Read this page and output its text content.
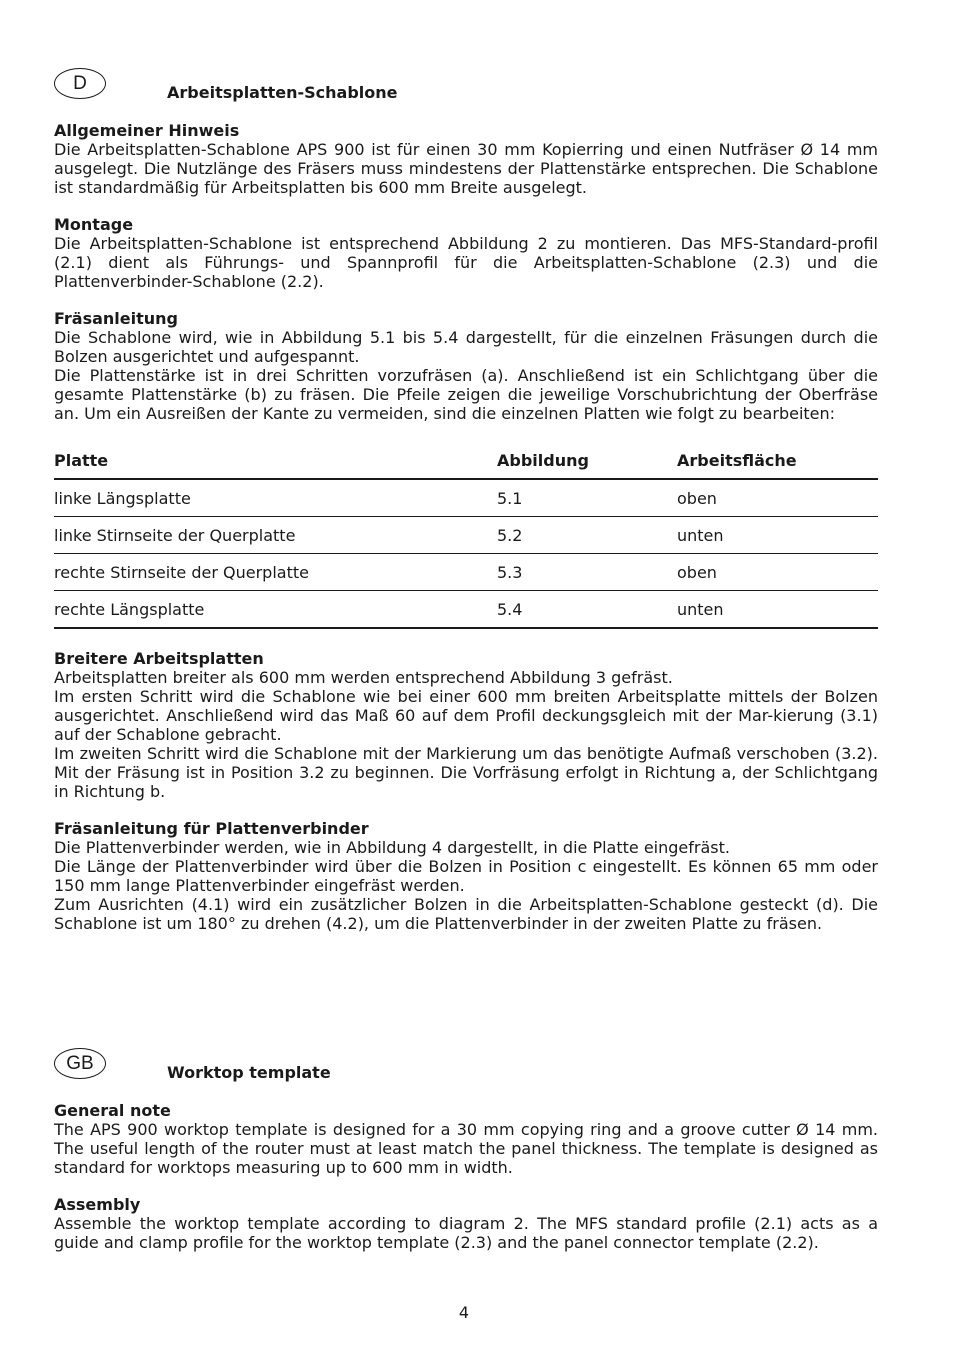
D	Arbeitsplatten-Schablone
Allgemeiner Hinweis
Die Arbeitsplatten-Schablone APS 900 ist für einen 30 mm Kopierring und einen Nutfräser Ø 14 mm ausgelegt. Die Nutzlänge des Fräsers muss mindestens der Plattenstärke entsprechen. Die Schablone ist standardmäßig für Arbeitsplatten bis 600 mm Breite ausgelegt.
Montage
Die Arbeitsplatten-Schablone ist entsprechend Abbildung 2 zu montieren. Das MFS-Standard-profil (2.1) dient als Führungs- und Spannprofil für die Arbeitsplatten-Schablone (2.3) und die Plattenverbinder-Schablone (2.2).
Fräsanleitung
Die Schablone wird, wie in Abbildung 5.1 bis 5.4 dargestellt, für die einzelnen Fräsungen durch die Bolzen ausgerichtet und aufgespannt.
Die Plattenstärke ist in drei Schritten vorzufräsen (a). Anschließend ist ein Schlichtgang über die gesamte Plattenstärke (b) zu fräsen. Die Pfeile zeigen die jeweilige Vorschubrichtung der Oberfräse an. Um ein Ausreißen der Kante zu vermeiden, sind die einzelnen Platten wie folgt zu bearbeiten:
Platte	Abbildung	Arbeitsfläche
linke Längsplatte	5.1	oben
linke Stirnseite der Querplatte	5.2	unten
rechte Stirnseite der Querplatte	5.3	oben
rechte Längsplatte	5.4	unten
Breitere Arbeitsplatten
Arbeitsplatten breiter als 600 mm werden entsprechend Abbildung 3 gefräst.
Im ersten Schritt wird die Schablone wie bei einer 600 mm breiten Arbeitsplatte mittels der Bolzen ausgerichtet. Anschließend wird das Maß 60 auf dem Profil deckungsgleich mit der Mar-kierung (3.1) auf der Schablone gebracht.
Im zweiten Schritt wird die Schablone mit der Markierung um das benötigte Aufmaß verschoben (3.2). Mit der Fräsung ist in Position 3.2 zu beginnen. Die Vorfräsung erfolgt in Richtung a, der Schlichtgang in Richtung b.
Fräsanleitung für Plattenverbinder
Die Plattenverbinder werden, wie in Abbildung 4 dargestellt, in die Platte eingefräst.
Die Länge der Plattenverbinder wird über die Bolzen in Position c eingestellt. Es können 65 mm oder 150 mm lange Plattenverbinder eingefräst werden.
Zum Ausrichten (4.1) wird ein zusätzlicher Bolzen in die Arbeitsplatten-Schablone gesteckt (d). Die Schablone ist um 180° zu drehen (4.2), um die Plattenverbinder in der zweiten Platte zu fräsen.
GB	Worktop template
General note
The APS 900 worktop template is designed for a 30 mm copying ring and a groove cutter Ø 14 mm. The useful length of the router must at least match the panel thickness. The template is designed as standard for worktops measuring up to 600 mm in width.
Assembly
Assemble the worktop template according to diagram 2. The MFS standard profile (2.1) acts as a guide and clamp profile for the worktop template (2.3) and the panel connector template (2.2).
4
